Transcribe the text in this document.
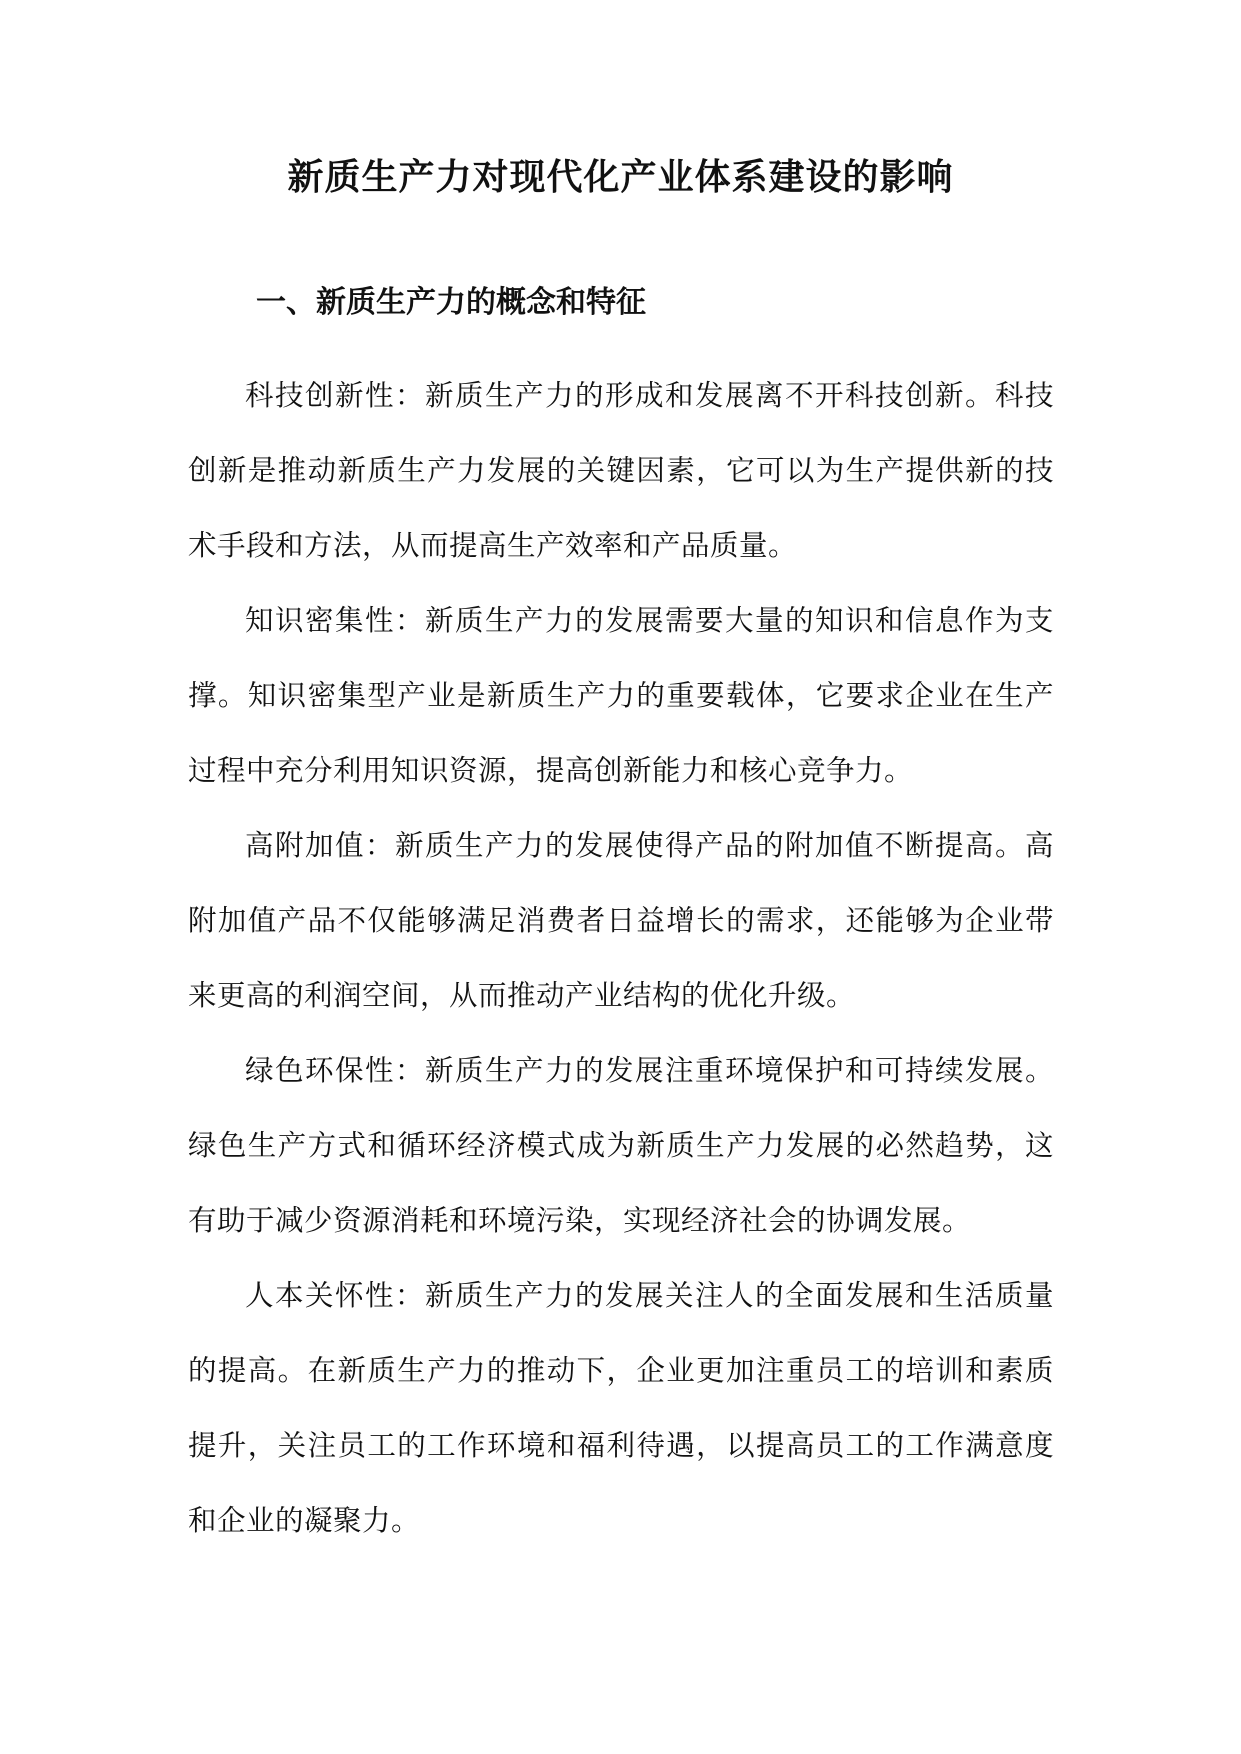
新质生产力对现代化产业体系建设的影响
一、新质生产力的概念和特征

科技创新性：新质生产力的形成和发展离不开科技创新。科技创新是推动新质生产力发展的关键因素，它可以为生产提供新的技术手段和方法，从而提高生产效率和产品质量。

知识密集性：新质生产力的发展需要大量的知识和信息作为支撑。知识密集型产业是新质生产力的重要载体，它要求企业在生产过程中充分利用知识资源，提高创新能力和核心竞争力。

高附加值：新质生产力的发展使得产品的附加值不断提高。高附加值产品不仅能够满足消费者日益增长的需求，还能够为企业带来更高的利润空间，从而推动产业结构的优化升级。

绿色环保性：新质生产力的发展注重环境保护和可持续发展。绿色生产方式和循环经济模式成为新质生产力发展的必然趋势，这有助于减少资源消耗和环境污染，实现经济社会的协调发展。

人本关怀性：新质生产力的发展关注人的全面发展和生活质量的提高。在新质生产力的推动下，企业更加注重员工的培训和素质提升，关注员工的工作环境和福利待遇，以提高员工的工作满意度和企业的凝聚力。
